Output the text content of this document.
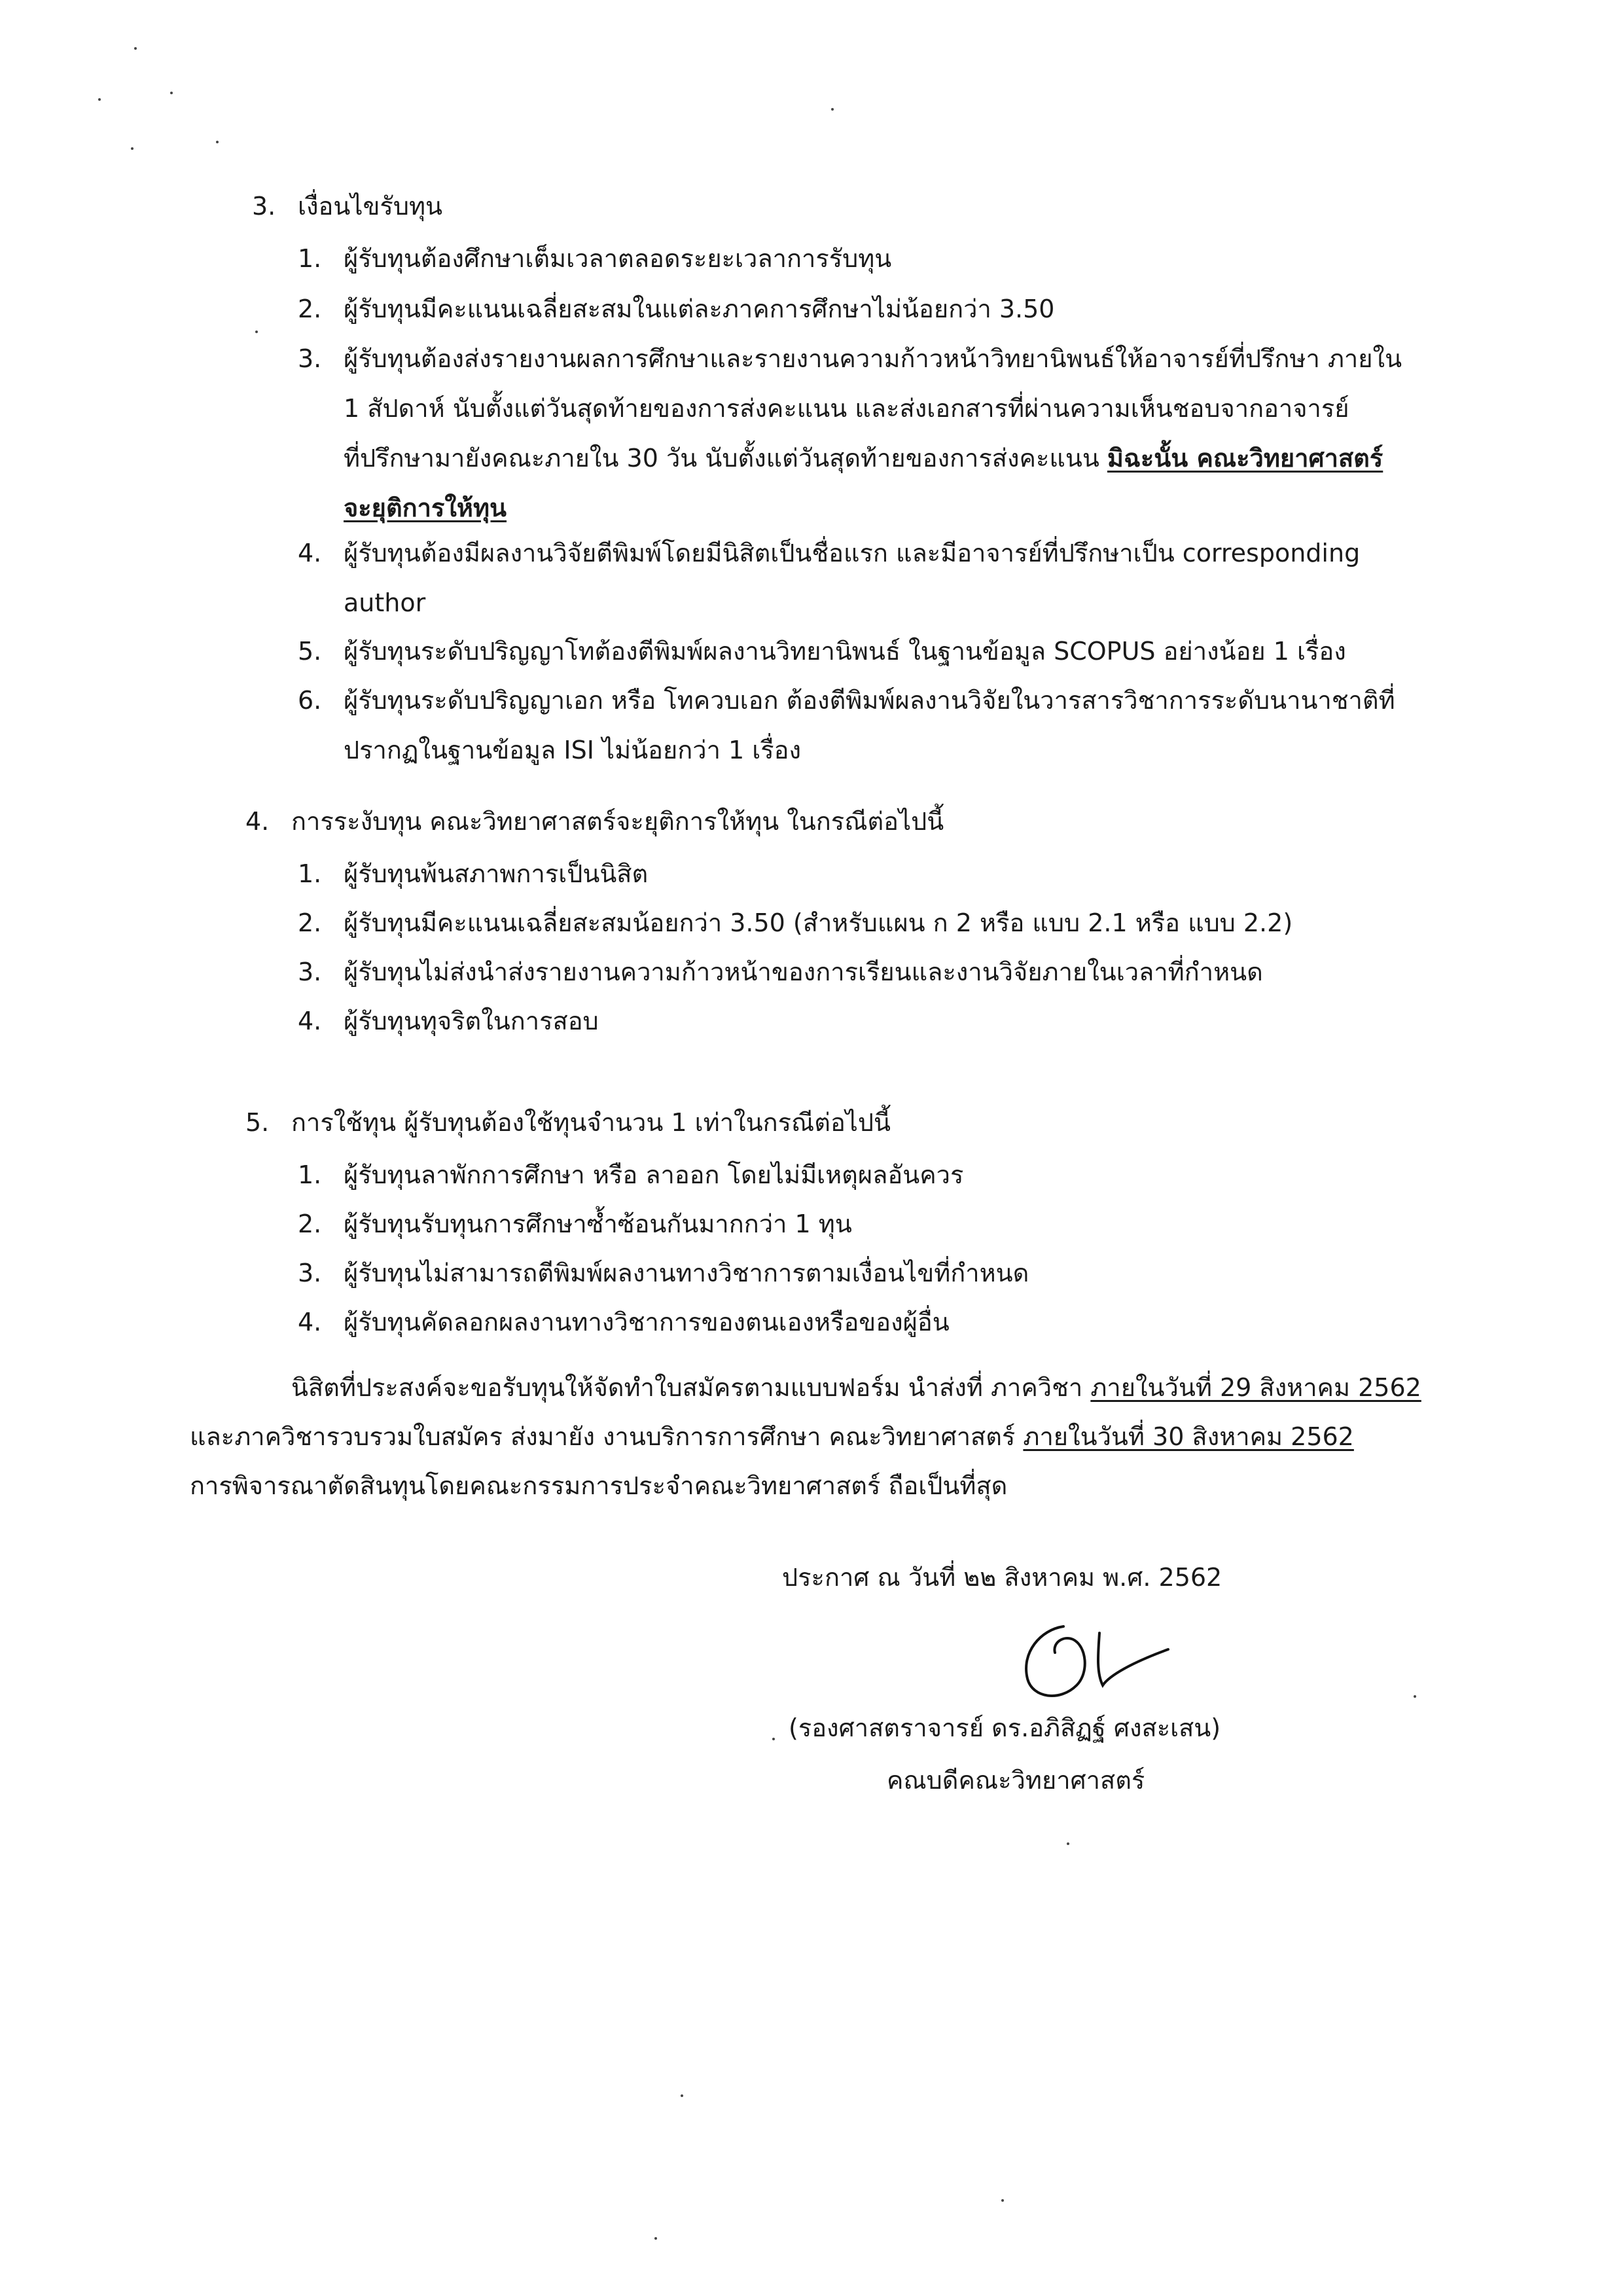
3. เงื่อนไขรับทุน
1. ผู้รับทุนต้องศึกษาเต็มเวลาตลอดระยะเวลาการรับทุน
2. ผู้รับทุนมีคะแนนเฉลี่ยสะสมในแต่ละภาคการศึกษาไม่น้อยกว่า 3.50
3. ผู้รับทุนต้องส่งรายงานผลการศึกษาและรายงานความก้าวหน้าวิทยานิพนธ์ให้อาจารย์ที่ปรึกษา ภายใน
1 สัปดาห์ นับตั้งแต่วันสุดท้ายของการส่งคะแนน และส่งเอกสารที่ผ่านความเห็นชอบจากอาจารย์
ที่ปรึกษามายังคณะภายใน 30 วัน นับตั้งแต่วันสุดท้ายของการส่งคะแนน มิฉะนั้น คณะวิทยาศาสตร์
จะยุติการให้ทุน
4. ผู้รับทุนต้องมีผลงานวิจัยตีพิมพ์โดยมีนิสิตเป็นชื่อแรก และมีอาจารย์ที่ปรึกษาเป็น corresponding
author
5. ผู้รับทุนระดับปริญญาโทต้องตีพิมพ์ผลงานวิทยานิพนธ์ ในฐานข้อมูล SCOPUS อย่างน้อย 1 เรื่อง
6. ผู้รับทุนระดับปริญญาเอก หรือ โทควบเอก ต้องตีพิมพ์ผลงานวิจัยในวารสารวิชาการระดับนานาชาติที่
ปรากฏในฐานข้อมูล ISI ไม่น้อยกว่า 1 เรื่อง
4. การระงับทุน คณะวิทยาศาสตร์จะยุติการให้ทุน ในกรณีต่อไปนี้
1. ผู้รับทุนพ้นสภาพการเป็นนิสิต
2. ผู้รับทุนมีคะแนนเฉลี่ยสะสมน้อยกว่า 3.50 (สำหรับแผน ก 2 หรือ แบบ 2.1 หรือ แบบ 2.2)
3. ผู้รับทุนไม่ส่งนำส่งรายงานความก้าวหน้าของการเรียนและงานวิจัยภายในเวลาที่กำหนด
4. ผู้รับทุนทุจริตในการสอบ
5. การใช้ทุน ผู้รับทุนต้องใช้ทุนจำนวน 1 เท่าในกรณีต่อไปนี้
1. ผู้รับทุนลาพักการศึกษา หรือ ลาออก โดยไม่มีเหตุผลอันควร
2. ผู้รับทุนรับทุนการศึกษาซ้ำซ้อนกันมากกว่า 1 ทุน
3. ผู้รับทุนไม่สามารถตีพิมพ์ผลงานทางวิชาการตามเงื่อนไขที่กำหนด
4. ผู้รับทุนคัดลอกผลงานทางวิชาการของตนเองหรือของผู้อื่น
นิสิตที่ประสงค์จะขอรับทุนให้จัดทำใบสมัครตามแบบฟอร์ม นำส่งที่ ภาควิชา ภายในวันที่ 29 สิงหาคม 2562
และภาควิชารวบรวมใบสมัคร ส่งมายัง งานบริการการศึกษา คณะวิทยาศาสตร์ ภายในวันที่ 30 สิงหาคม 2562
การพิจารณาตัดสินทุนโดยคณะกรรมการประจำคณะวิทยาศาสตร์ ถือเป็นที่สุด
ประกาศ ณ วันที่ ๒๒ สิงหาคม พ.ศ. 2562
(รองศาสตราจารย์ ดร.อภิสิฏฐ์ ศงสะเสน)
คณบดีคณะวิทยาศาสตร์
